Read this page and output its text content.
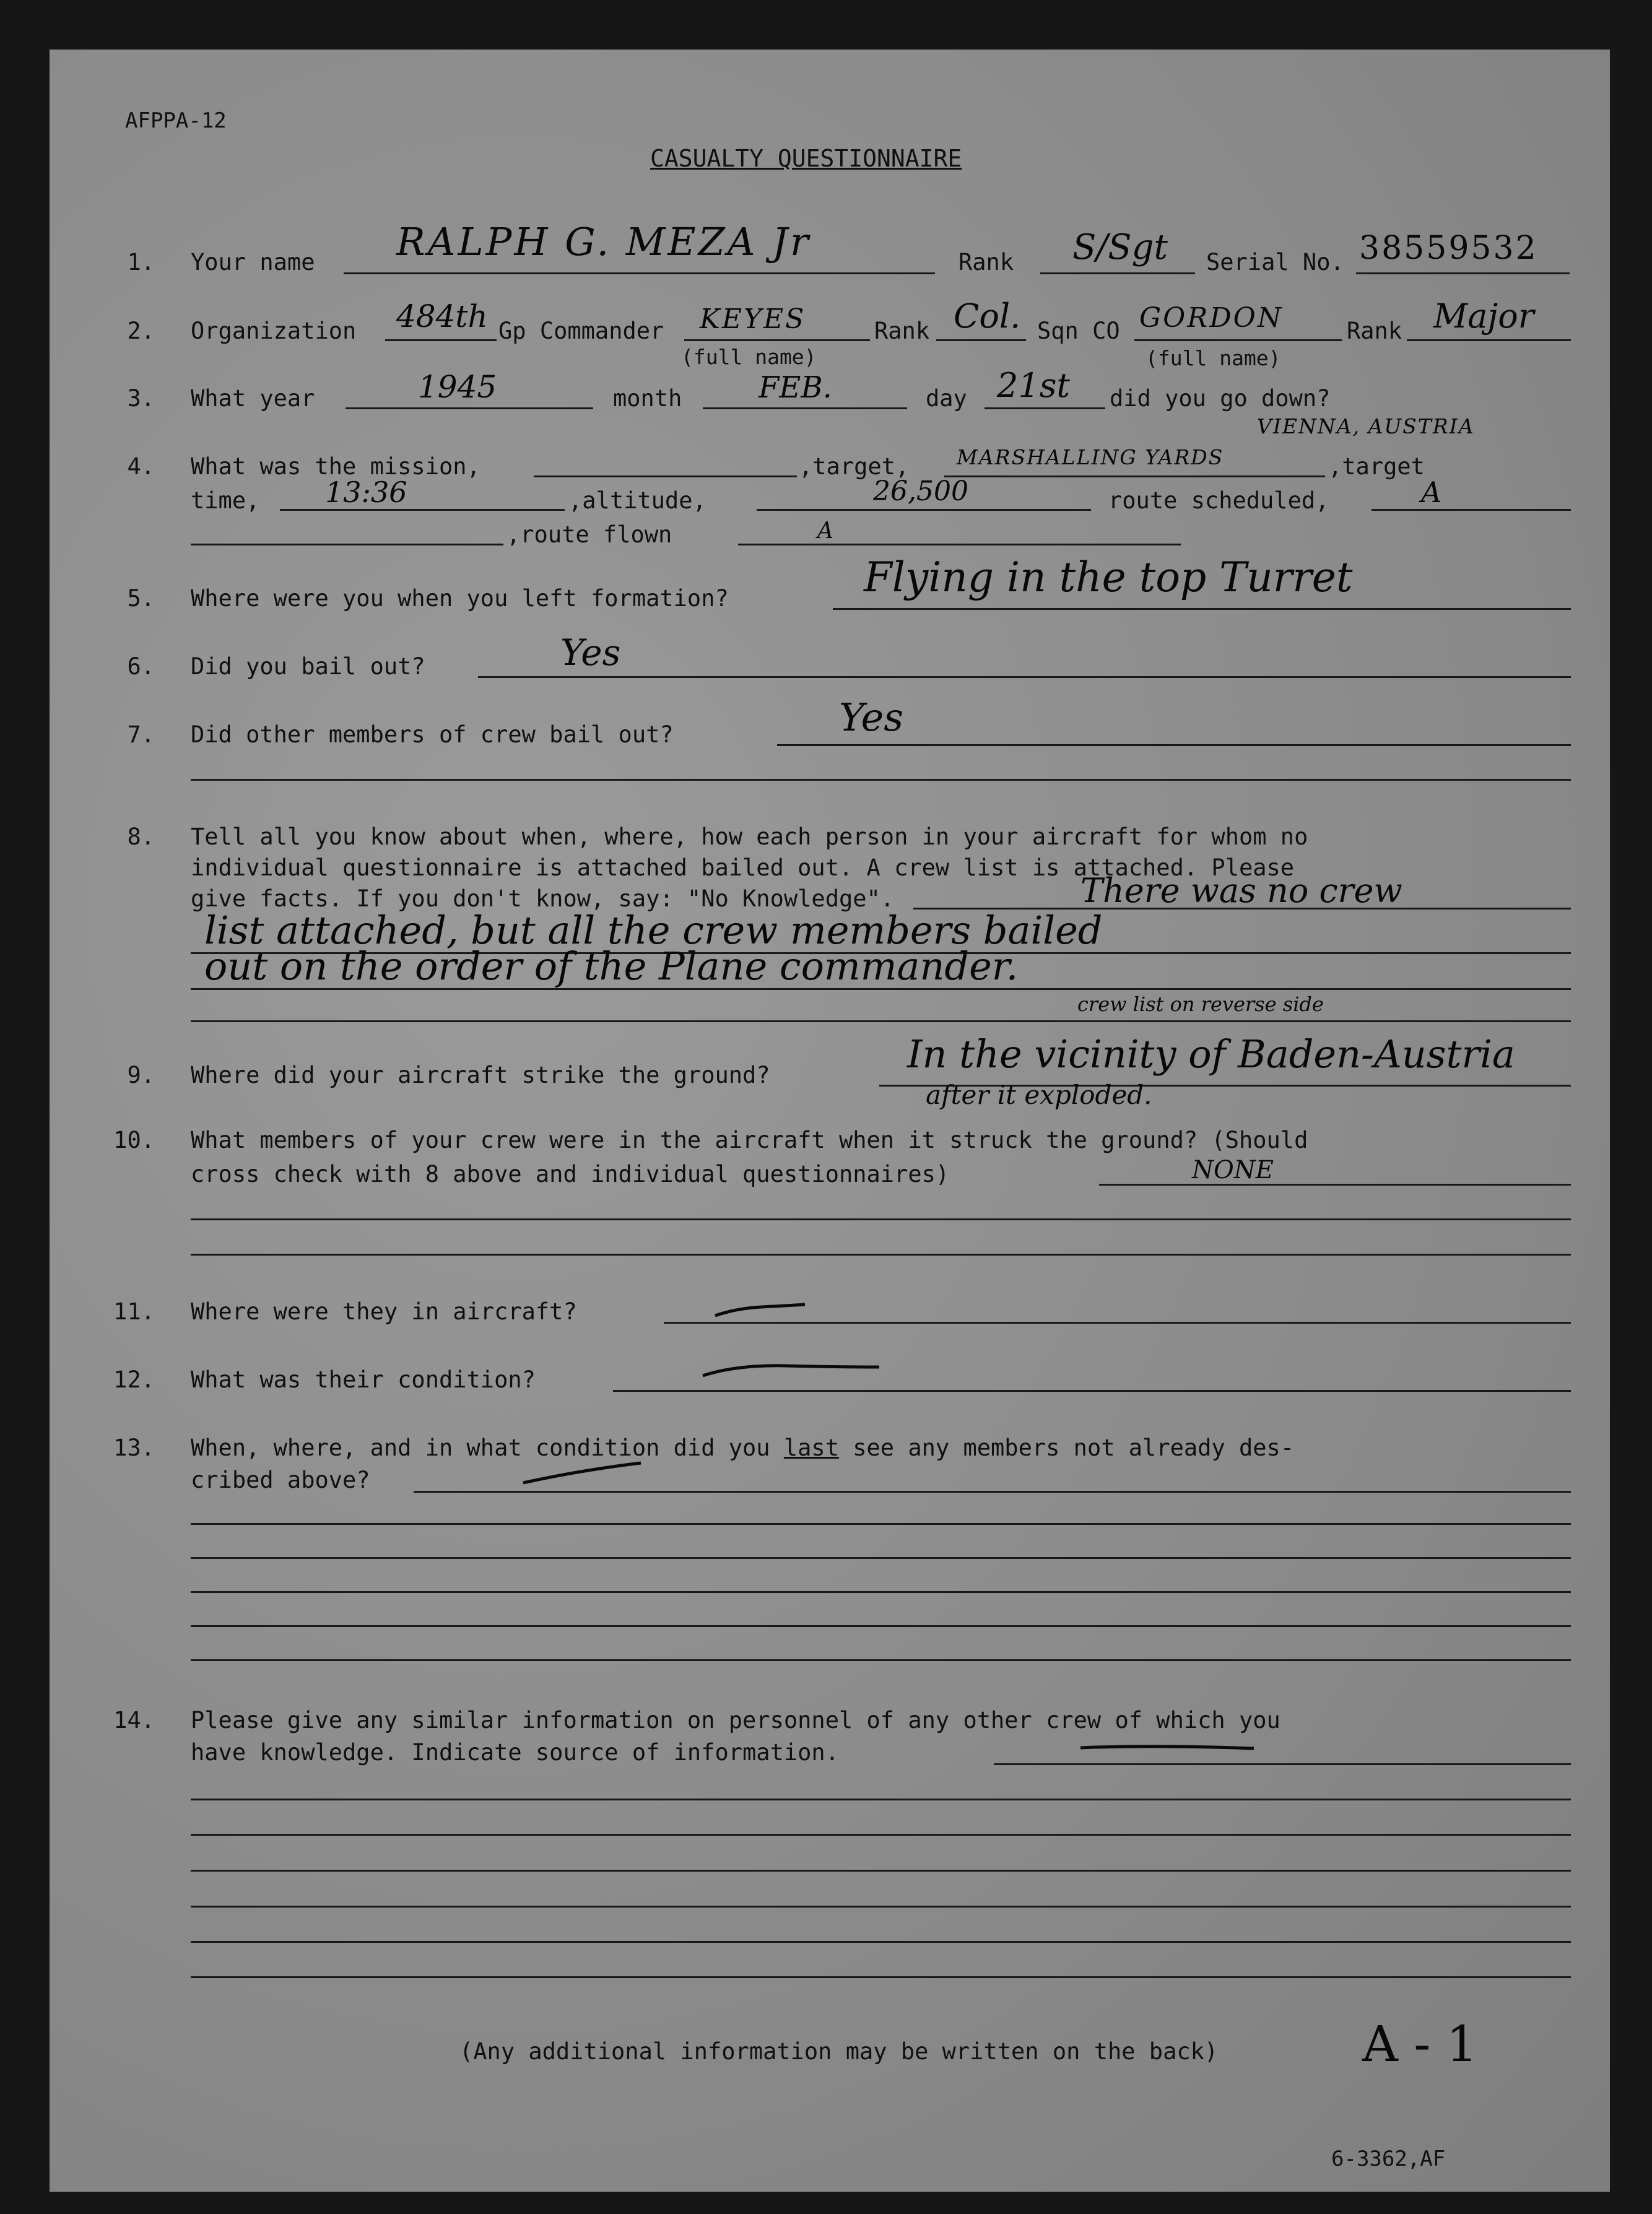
AFPPA-12
CASUALTY QUESTIONNAIRE
1. Your name RALPH G. MEZA Jr	Rank S/Sgt Serial No. 38559532
2. Organization 484th Gp Commander KEYES	Rank Col. Sqn CO GORDON	Rank Major
(full name)	(full name)
3. What year	1945	month	FEB.	day 21st did you go down?
4. What was the mission,	,target, MARSHALLING YARDS
VIENNA, AUSTRIA
,target
time, 13:36	,altitude,	26,500	route scheduled,	A
,route flown	A
5. Where were you when you left formation?	Flying in the top Turret
6. Did you bail out?	Yes
7. Did other members of crew bail out?	Yes
8. Tell all you know about when, where, how each person in your aircraft for whom no
individual questionnaire is attached bailed out. A crew list is attached. Please
give facts. If you don't know, say: "No Knowledge".	There was no crew
list attached, but all the crew members bailed
out on the order of the Plane commander.
crew list on reverse side
9. Where did your aircraft strike the ground?	In the vicinity of Baden-Austria
after it exploded.
10. What members of your crew were in the aircraft when it struck the ground? (Should
cross check with 8 above and individual questionnaires)	NONE
11. Where were they in aircraft?
12. What was their condition?
13. When, where, and in what condition did you last see any members not already des-
cribed above?
14. Please give any similar information on personnel of any other crew of which you
have knowledge. Indicate source of information.
(Any additional information may be written on the back)	A - 1
6-3362,AF
